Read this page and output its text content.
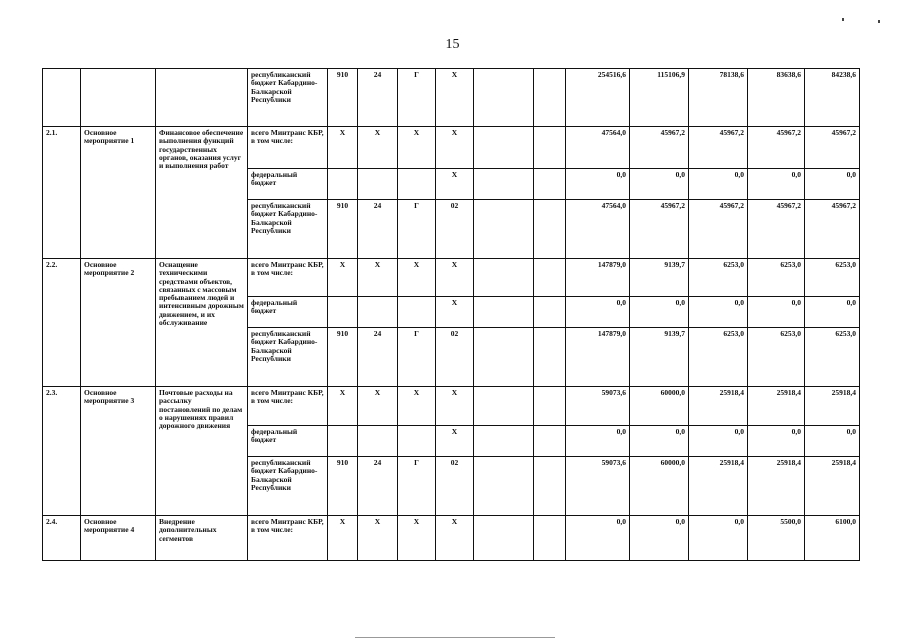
15
			республиканский бюджет Кабардино-Балкарской Республики	910	24	Г	Х			254516,6	115106,9	78138,6	83638,6	84238,6
2.1.	Основное мероприятие 1	Финансовое обеспечение выполнения функций государственных органов, оказания услуг и выполнения работ	всего Минтранс КБР, в том числе:	Х	Х	Х	Х			47564,0	45967,2	45967,2	45967,2	45967,2
			федеральный бюджет				Х			0,0	0,0	0,0	0,0	0,0
			республиканский бюджет Кабардино-Балкарской Республики	910	24	Г	02			47564,0	45967,2	45967,2	45967,2	45967,2
2.2.	Основное мероприятие 2	Оснащение техническими средствами объектов, связанных с массовым пребыванием людей и интенсивным дорожным движением, и их обслуживание	всего Минтранс КБР, в том числе:	Х	Х	Х	Х			147879,0	9139,7	6253,0	6253,0	6253,0
			федеральный бюджет				Х			0,0	0,0	0,0	0,0	0,0
			республиканский бюджет Кабардино-Балкарской Республики	910	24	Г	02			147879,0	9139,7	6253,0	6253,0	6253,0
2.3.	Основное мероприятие 3	Почтовые расходы на рассылку постановлений по делам о нарушениях правил дорожного движения	всего Минтранс КБР, в том числе:	Х	Х	Х	Х			59073,6	60000,0	25918,4	25918,4	25918,4
			федеральный бюджет				Х			0,0	0,0	0,0	0,0	0,0
			республиканский бюджет Кабардино-Балкарской Республики	910	24	Г	02			59073,6	60000,0	25918,4	25918,4	25918,4
2.4.	Основное мероприятие 4	Внедрение дополнительных сегментов	всего Минтранс КБР, в том числе:	Х	Х	Х	Х			0,0	0,0	0,0	5500,0	6100,0
